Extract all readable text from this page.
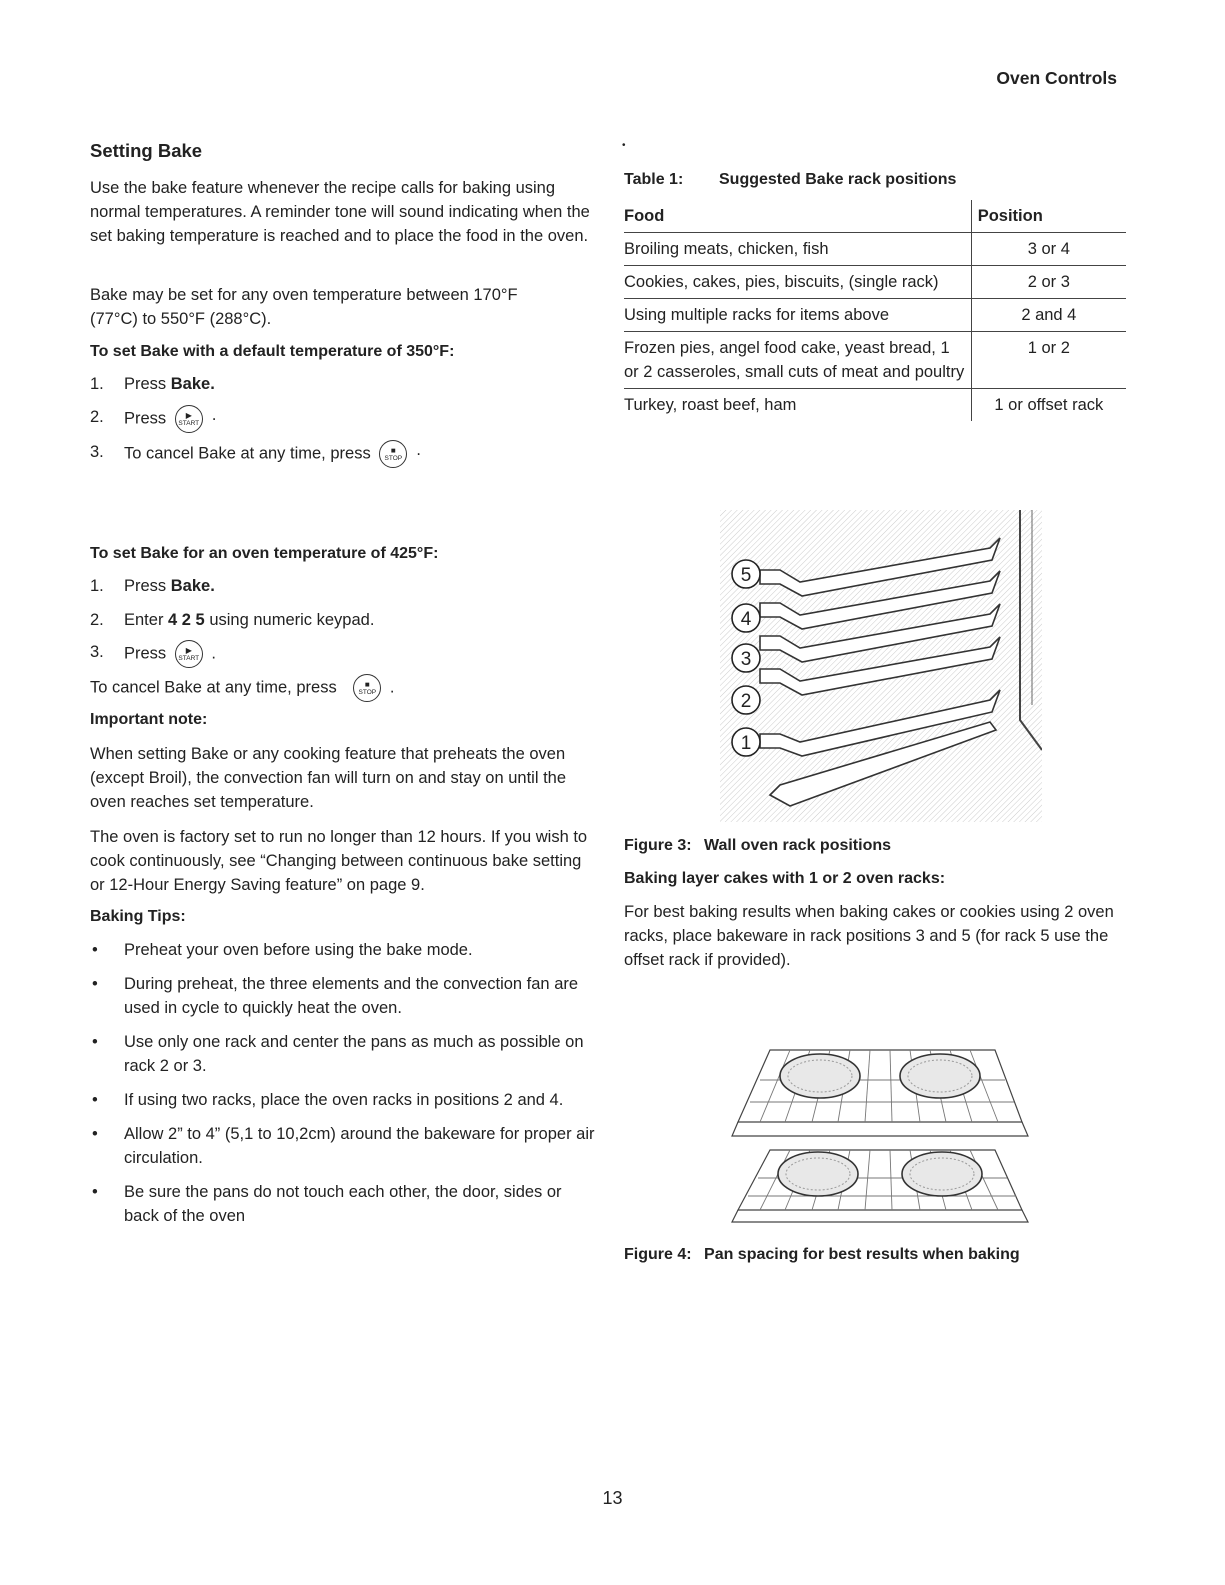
Oven Controls
Setting Bake

Use the bake feature whenever the recipe calls for baking using normal temperatures. A reminder tone will sound indicating when the set baking temperature is reached and to place the food in the oven.

Bake may be set for any oven temperature between 170°F (77°C) to 550°F (288°C).

To set Bake with a default temperature of 350°F:
1.	Press Bake.
2.	Press ▶
START ·
3.	To cancel Bake at any time, press	■
STOP ·
To set Bake for an oven temperature of 425°F:
1.	Press Bake.
2.	Enter 4 2 5 using numeric keypad.
3.	Press ▶
START .
To cancel Bake at any time, press	■
STOP .
Important note:

When setting Bake or any cooking feature that preheats the oven (except Broil), the convection fan will turn on and stay on until the oven reaches set temperature.

The oven is factory set to run no longer than 12 hours. If you wish to cook continuously, see “Changing between continuous bake setting or 12-Hour Energy Saving feature” on page 9.

Baking Tips:
• Preheat your oven before using the bake mode.
• During preheat, the three elements and the convection fan are used in cycle to quickly heat the oven.
• Use only one rack and center the pans as much as possible on rack 2 or 3.
• If using two racks, place the oven racks in positions 2 and 4.
• Allow 2” to 4” (5,1 to 10,2cm) around the bakeware for proper air circulation.
• Be sure the pans do not touch each other, the door, sides or back of the oven
•
Table 1: Suggested Bake rack positions
Food	Position
Broiling meats, chicken, fish	3 or 4
Cookies, cakes, pies, biscuits, (single rack)	2 or 3
Using multiple racks for items above	2 and 4
Frozen pies, angel food cake, yeast bread, 1 or 2 casseroles, small cuts of meat and poultry	1 or 2
Turkey, roast beef, ham	1 or offset rack
5
4
3
2
1
Figure 3: Wall oven rack positions
Baking layer cakes with 1 or 2 oven racks:

For best baking results when baking cakes or cookies using 2 oven racks, place bakeware in rack positions 3 and 5 (for rack 5 use the offset rack if provided).

Figure 4: Pan spacing for best results when baking
13
